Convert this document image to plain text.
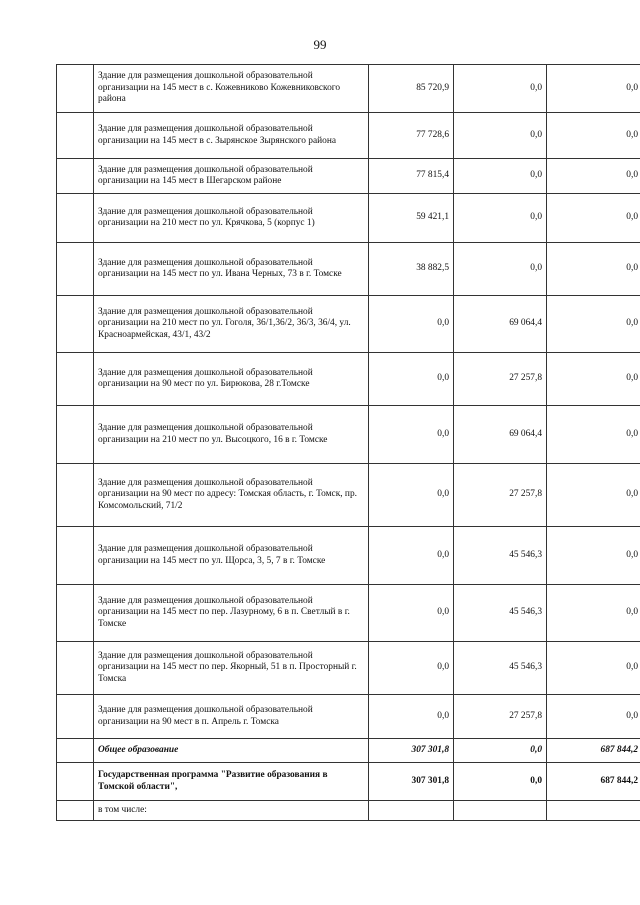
99
	Здание для размещения дошкольной образовательной организации на 145 мест в с. Кожевниково Кожевниковского района	85 720,9	0,0	0,0
	Здание для размещения дошкольной образовательной организации на 145 мест в с. Зырянское Зырянского района	77 728,6	0,0	0,0
	Здание для размещения дошкольной образовательной организации на 145 мест в Шегарском районе	77 815,4	0,0	0,0
	Здание для размещения дошкольной образовательной организации на 210 мест по ул. Крячкова, 5 (корпус 1)	59 421,1	0,0	0,0
	Здание для размещения дошкольной образовательной организации на 145 мест по ул. Ивана Черных, 73 в г. Томске	38 882,5	0,0	0,0
	Здание для размещения дошкольной образовательной организации на 210 мест по ул. Гоголя, 36/1,36/2, 36/3, 36/4, ул. Красноармейская, 43/1, 43/2	0,0	69 064,4	0,0
	Здание для размещения дошкольной образовательной организации на 90 мест по ул. Бирюкова, 28 г.Томске	0,0	27 257,8	0,0
	Здание для размещения дошкольной образовательной организации на 210 мест по ул. Высоцкого, 16 в г. Томске	0,0	69 064,4	0,0
	Здание для размещения дошкольной образовательной организации на 90 мест по адресу: Томская область, г. Томск, пр. Комсомольский, 71/2	0,0	27 257,8	0,0
	Здание для размещения дошкольной образовательной организации на 145 мест по ул. Щорса, 3, 5, 7 в г. Томске	0,0	45 546,3	0,0
	Здание для размещения дошкольной образовательной организации на 145 мест по пер. Лазурному, 6 в п. Светлый в г. Томске	0,0	45 546,3	0,0
	Здание для размещения дошкольной образовательной организации на 145 мест по пер. Якорный, 51 в п. Просторный г. Томска	0,0	45 546,3	0,0
	Здание для размещения дошкольной образовательной организации на 90 мест в п. Апрель г. Томска	0,0	27 257,8	0,0
	Общее образование	307 301,8	0,0	687 844,2
	Государственная программа "Развитие образования в Томской области",	307 301,8	0,0	687 844,2
	в том числе:			
